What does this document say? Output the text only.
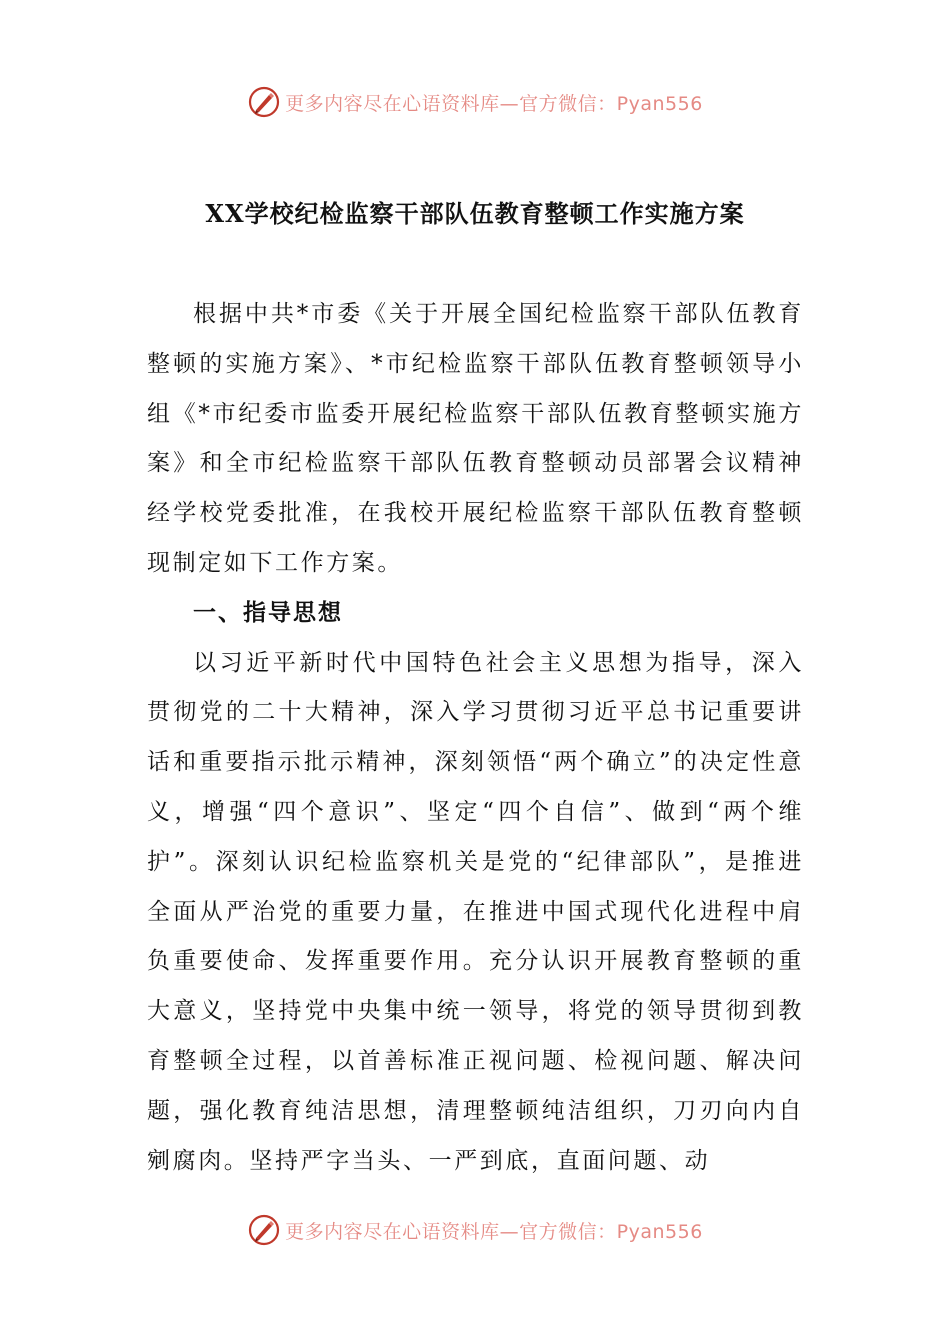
更多内容尽在心语资料库—官方微信：Pyan556
XX学校纪检监察干部队伍教育整顿工作实施方案

根据中共*市委《关于开展全国纪检监察干部队伍教育整顿的实施方案》、*市纪检监察干部队伍教育整顿领导小组《*市纪委市监委开展纪检监察干部队伍教育整顿实施方案》和全市纪检监察干部队伍教育整顿动员部署会议精神经学校党委批准，在我校开展纪检监察干部队伍教育整顿现制定如下工作方案。

一、指导思想

以习近平新时代中国特色社会主义思想为指导，深入贯彻党的二十大精神，深入学习贯彻习近平总书记重要讲话和重要指示批示精神，深刻领悟“两个确立”的决定性意义，增强“四个意识”、坚定“四个自信”、做到“两个维护”。深刻认识纪检监察机关是党的“纪律部队”，是推进全面从严治党的重要力量，在推进中国式现代化进程中肩负重要使命、发挥重要作用。充分认识开展教育整顿的重大意义，坚持党中央集中统一领导，将党的领导贯彻到教育整顿全过程，以首善标准正视问题、检视问题、解决问题，强化教育纯洁思想，清理整顿纯洁组织，刀刃向内自剜腐肉。坚持严字当头、一严到底，直面问题、动

更多内容尽在心语资料库—官方微信：Pyan556
